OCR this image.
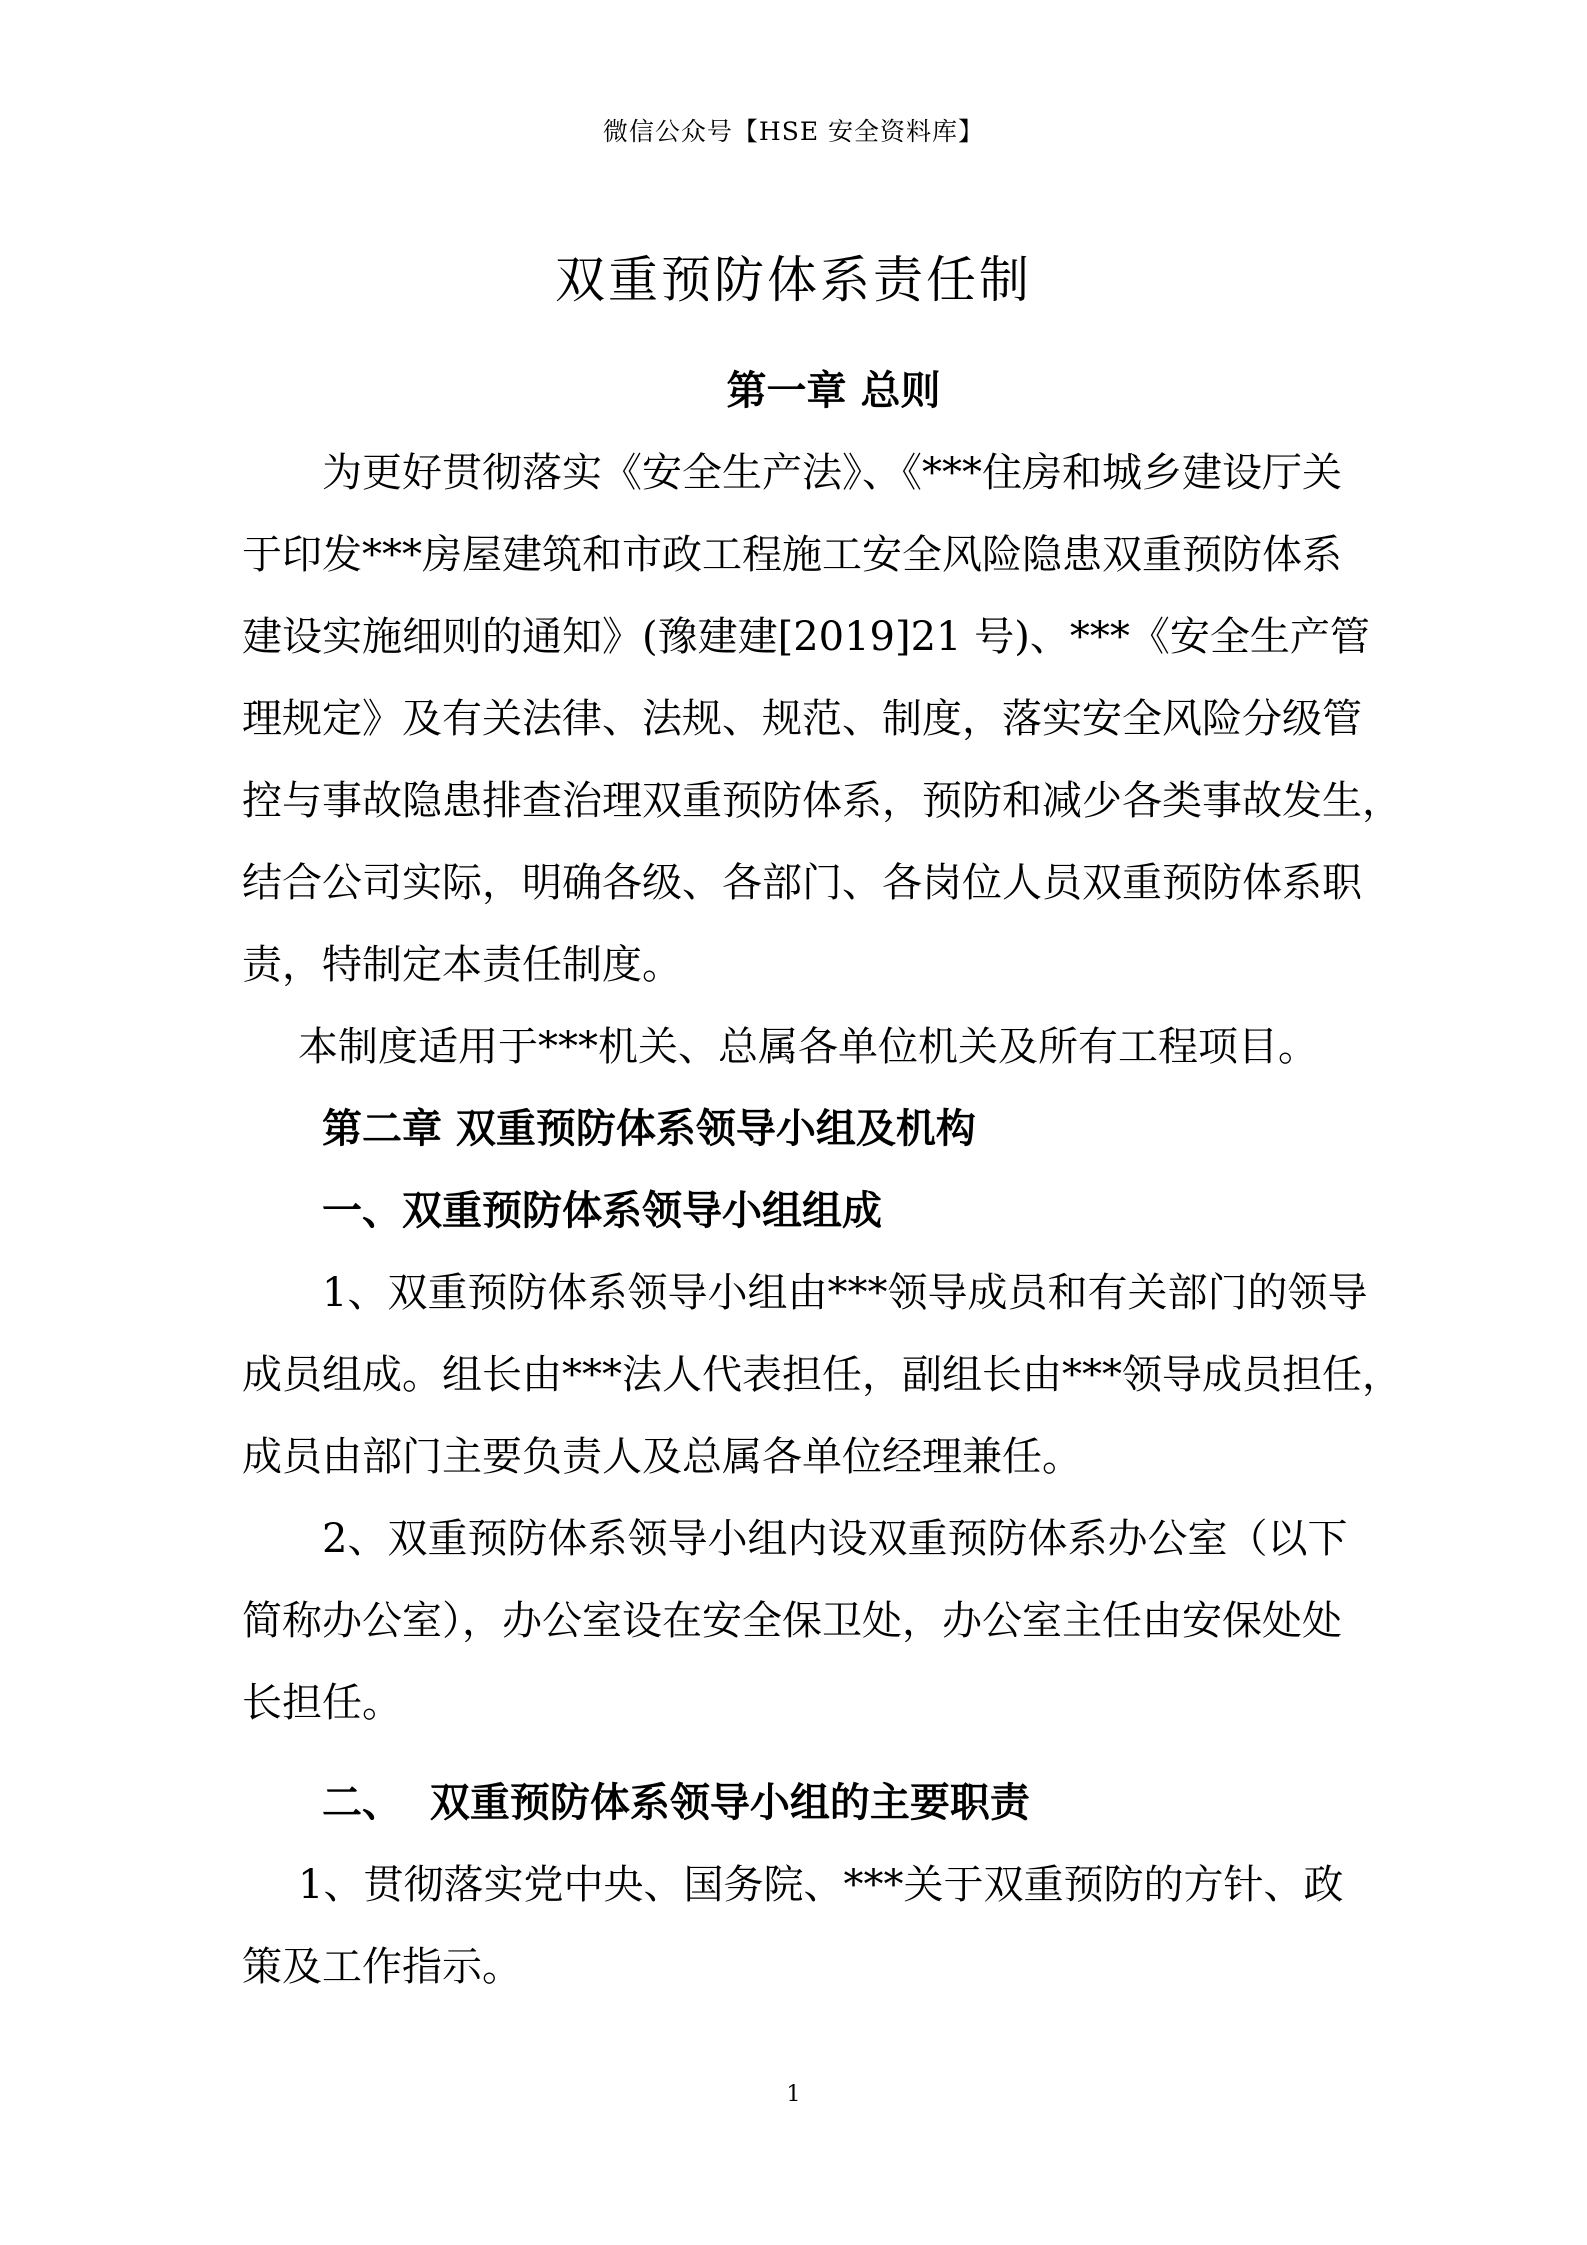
微信公众号【HSE 安全资料库】
双重预防体系责任制
第一章 总则
为更好贯彻落实《安全生产法》、《***住房和城乡建设厅关
于印发***房屋建筑和市政工程施工安全风险隐患双重预防体系
建设实施细则的通知》(豫建建[2019]21 号)、***《安全生产管
理规定》及有关法律、法规、规范、制度，落实安全风险分级管
控与事故隐患排查治理双重预防体系，预防和减少各类事故发生，
结合公司实际，明确各级、各部门、各岗位人员双重预防体系职
责，特制定本责任制度。
本制度适用于***机关、总属各单位机关及所有工程项目。
第二章 双重预防体系领导小组及机构
一、双重预防体系领导小组组成
1、双重预防体系领导小组由***领导成员和有关部门的领导
成员组成。组长由***法人代表担任，副组长由***领导成员担任，
成员由部门主要负责人及总属各单位经理兼任。
2、双重预防体系领导小组内设双重预防体系办公室（以下
简称办公室），办公室设在安全保卫处，办公室主任由安保处处
长担任。
二、  双重预防体系领导小组的主要职责
1、贯彻落实党中央、国务院、***关于双重预防的方针、政
策及工作指示。
1
